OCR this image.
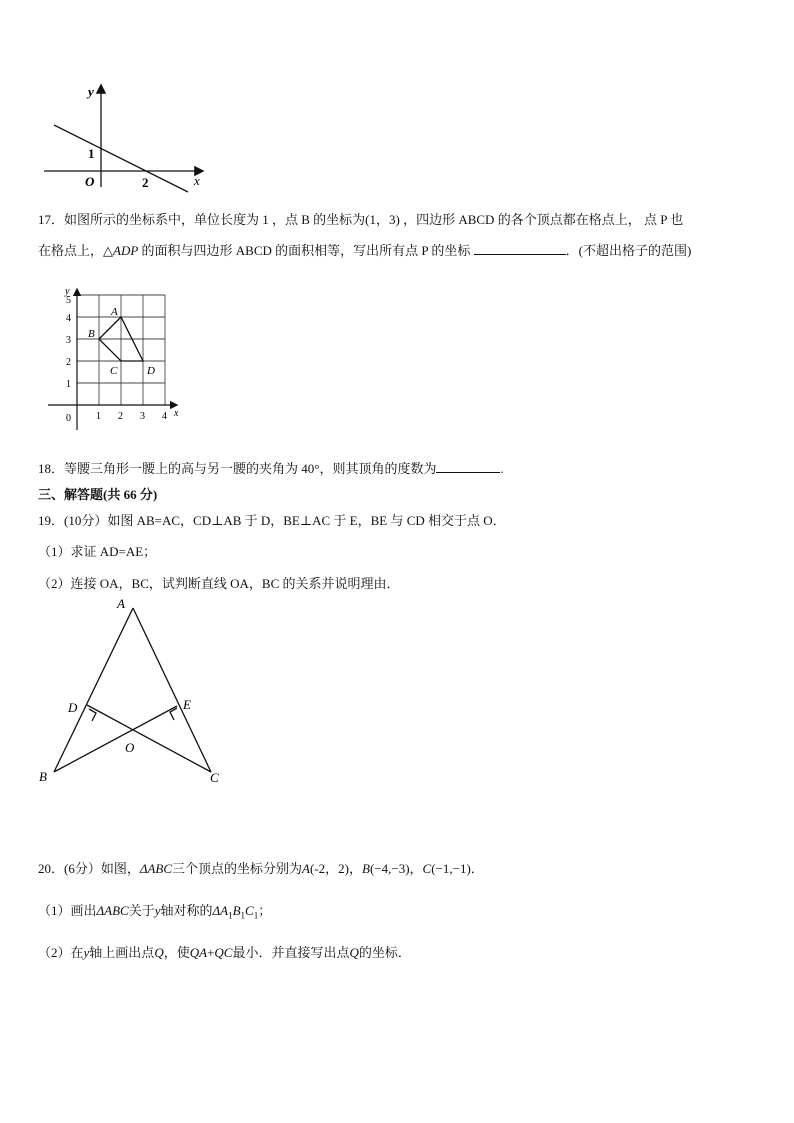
y
x
O
1
2
17．如图所示的坐标系中，单位长度为 1 ，点 B 的坐标为(1，3) ，四边形 ABCD 的各个顶点都在格点上， 点 P 也
在格点上，△ADP 的面积与四边形 ABCD 的面积相等，写出所有点 P 的坐标	．(不超出格子的范围)
y
x
5
4
3
2
1
0	1 2 3 4
A
B
C	D
18．等腰三角形一腰上的高与另一腰的夹角为 40°，则其顶角的度数为	.
三、解答题(共 66 分)
19．(10分）如图 AB=AC，CD⊥AB 于 D，BE⊥AC 于 E，BE 与 CD 相交于点 O．
（1）求证 AD=AE；
（2）连接 OA，BC，试判断直线 OA，BC 的关系并说明理由．
A
B	C
D	E
O
20．(6分）如图，ΔABC三个顶点的坐标分别为A(-2，2)，B(−4,−3)，C(−1,−1)．
（1）画出ΔABC关于y轴对称的$\Delta A_1B_1C_1$；
（2）在y轴上画出点Q，使QA+QC最小．并直接写出点Q的坐标．
